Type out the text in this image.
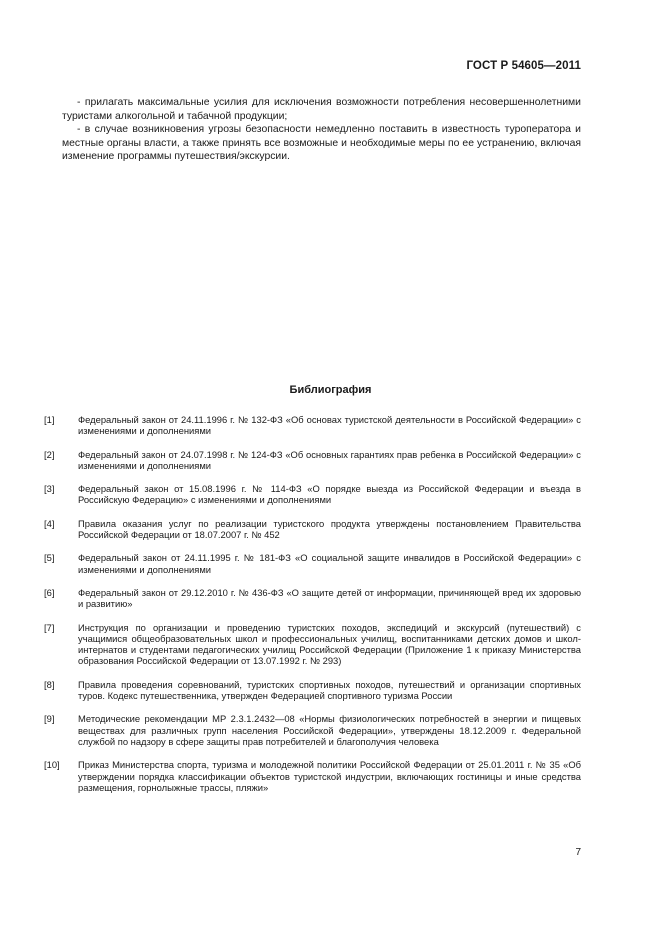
ГОСТ Р 54605—2011

- прилагать максимальные усилия для исключения возможности потребления несовершеннолетними туристами алкогольной и табачной продукции;

- в случае возникновения угрозы безопасности немедленно поставить в известность туроператора и местные органы власти, а также принять все возможные и необходимые меры по ее устранению, включая изменение программы путешествия/экскурсии.

Библиография
[1]	Федеральный закон от 24.11.1996 г. № 132-ФЗ «Об основах туристской деятельности в Российской Федерации» с изменениями и дополнениями
[2]	Федеральный закон от 24.07.1998 г. № 124-ФЗ «Об основных гарантиях прав ребенка в Российской Федерации» с изменениями и дополнениями
[3]	Федеральный закон от 15.08.1996 г. № 114-ФЗ «О порядке выезда из Российской Федерации и въезда в Российскую Федерацию» с изменениями и дополнениями
[4]	Правила оказания услуг по реализации туристского продукта утверждены постановлением Правительства Российской Федерации от 18.07.2007 г. № 452
[5]	Федеральный закон от 24.11.1995 г. № 181-ФЗ «О социальной защите инвалидов в Российской Федерации» с изменениями и дополнениями
[6]	Федеральный закон от 29.12.2010 г. № 436-ФЗ «О защите детей от информации, причиняющей вред их здоровью и развитию»
[7]	Инструкция по организации и проведению туристских походов, экспедиций и экскурсий (путешествий) с учащимися общеобразовательных школ и профессиональных училищ, воспитанниками детских домов и школ-интернатов и студентами педагогических училищ Российской Федерации (Приложение 1 к приказу Министерства образования Российской Федерации от 13.07.1992 г. № 293)
[8]	Правила проведения соревнований, туристских спортивных походов, путешествий и организации спортивных туров. Кодекс путешественника, утвержден Федерацией спортивного туризма России
[9]	Методические рекомендации МР 2.3.1.2432—08 «Нормы физиологических потребностей в энергии и пищевых веществах для различных групп населения Российской Федерации», утверждены 18.12.2009 г. Федеральной службой по надзору в сфере защиты прав потребителей и благополучия человека
[10]	Приказ Министерства спорта, туризма и молодежной политики Российской Федерации от 25.01.2011 г. № 35 «Об утверждении порядка классификации объектов туристской индустрии, включающих гостиницы и иные средства размещения, горнолыжные трассы, пляжи»
7
